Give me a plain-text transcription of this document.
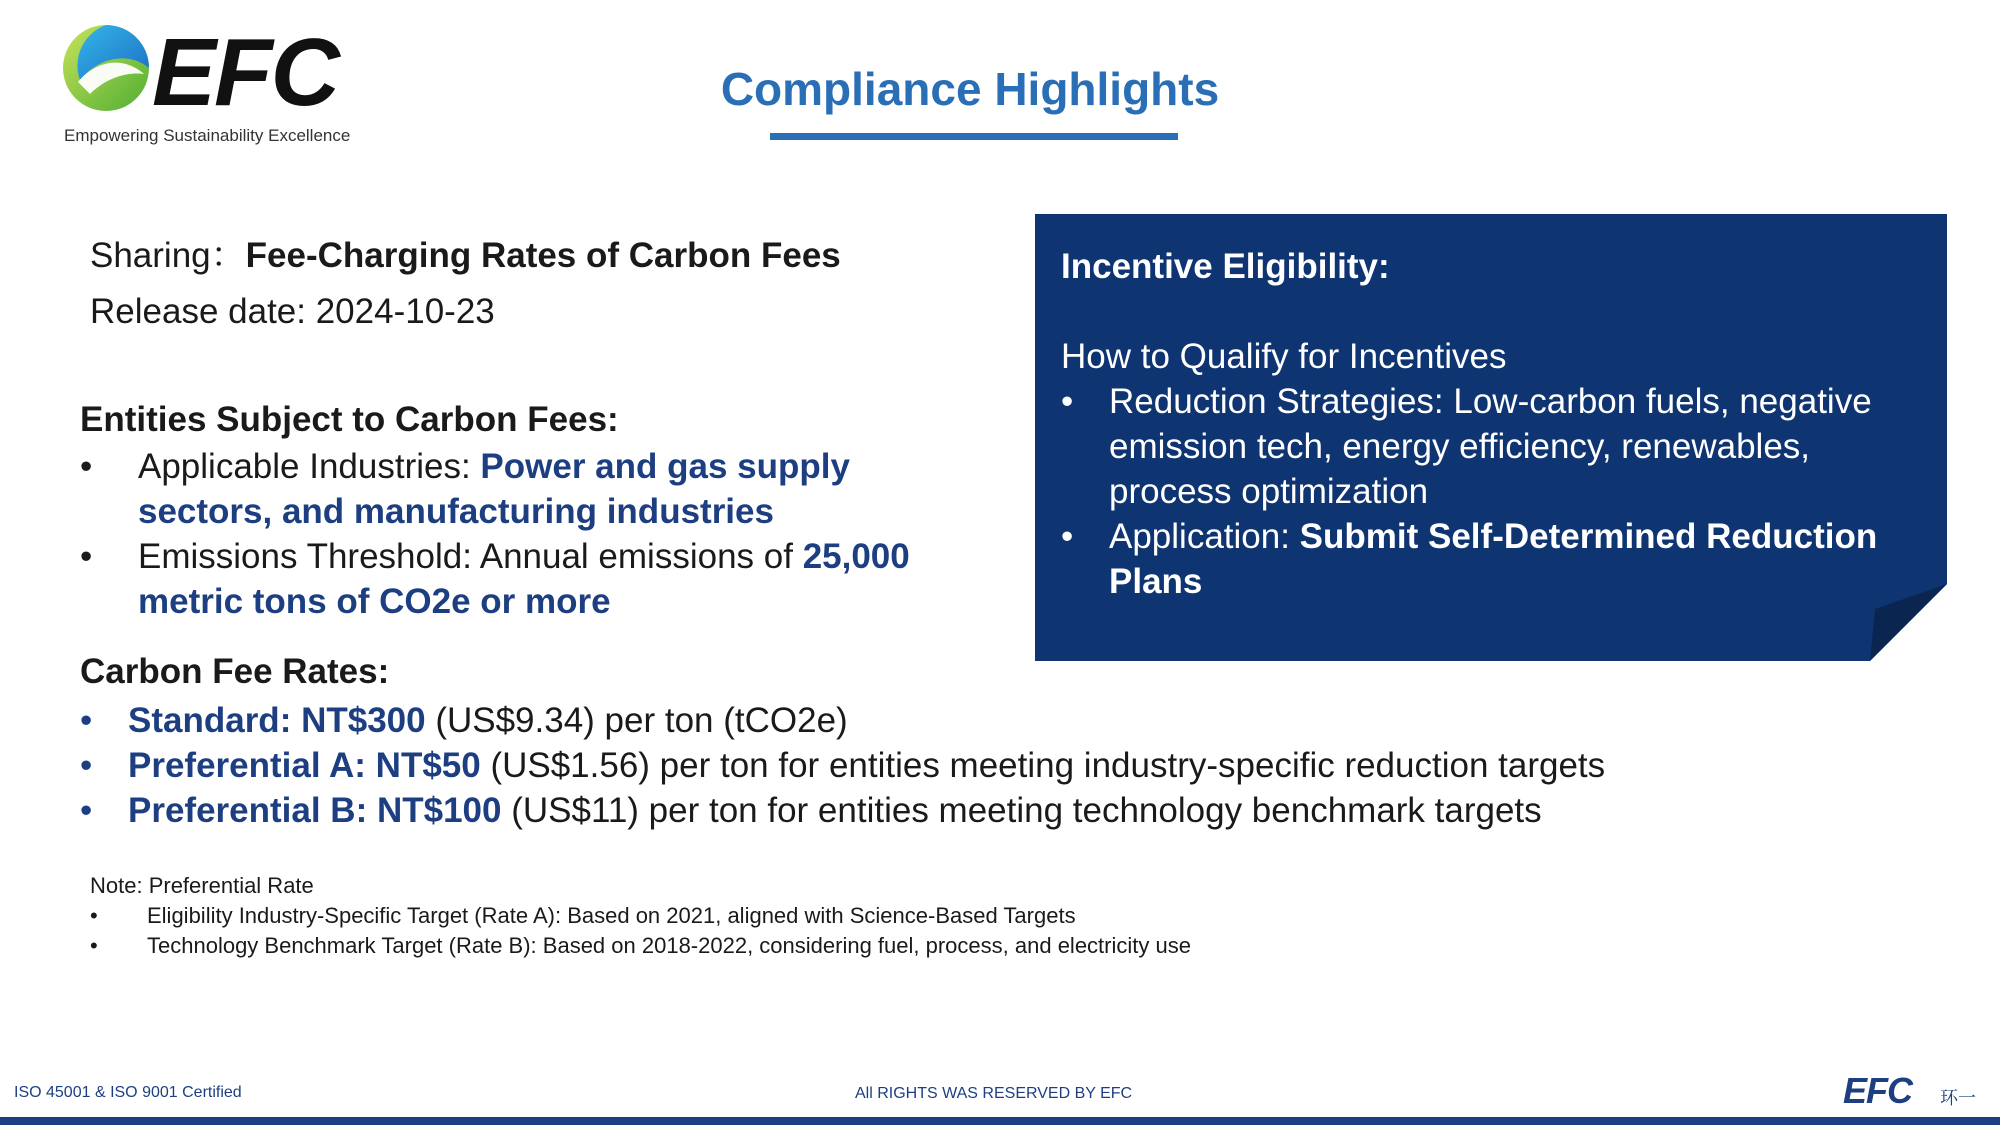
EFC
Empowering Sustainability Excellence
Compliance Highlights
Sharing：Fee-Charging Rates of Carbon Fees
Release date: 2024-10-23
Entities Subject to Carbon Fees:
• Applicable Industries: Power and gas supply sectors, and manufacturing industries
• Emissions Threshold: Annual emissions of 25,000 metric tons of CO2e or more
Carbon Fee Rates:
• Standard: NT$300 (US$9.34) per ton (tCO2e)
• Preferential A: NT$50 (US$1.56) per ton for entities meeting industry-specific reduction targets
• Preferential B: NT$100 (US$11) per ton for entities meeting technology benchmark targets
Note: Preferential Rate
• Eligibility Industry-Specific Target (Rate A): Based on 2021, aligned with Science-Based Targets
• Technology Benchmark Target (Rate B): Based on 2018-2022, considering fuel, process, and electricity use
Incentive Eligibility:
How to Qualify for Incentives
• Reduction Strategies: Low-carbon fuels, negative emission tech, energy efficiency, renewables, process optimization
• Application: Submit Self-Determined Reduction Plans
ISO 45001 & ISO 9001 Certified	All RIGHTS WAS RESERVED BY EFC	EFC 环一
